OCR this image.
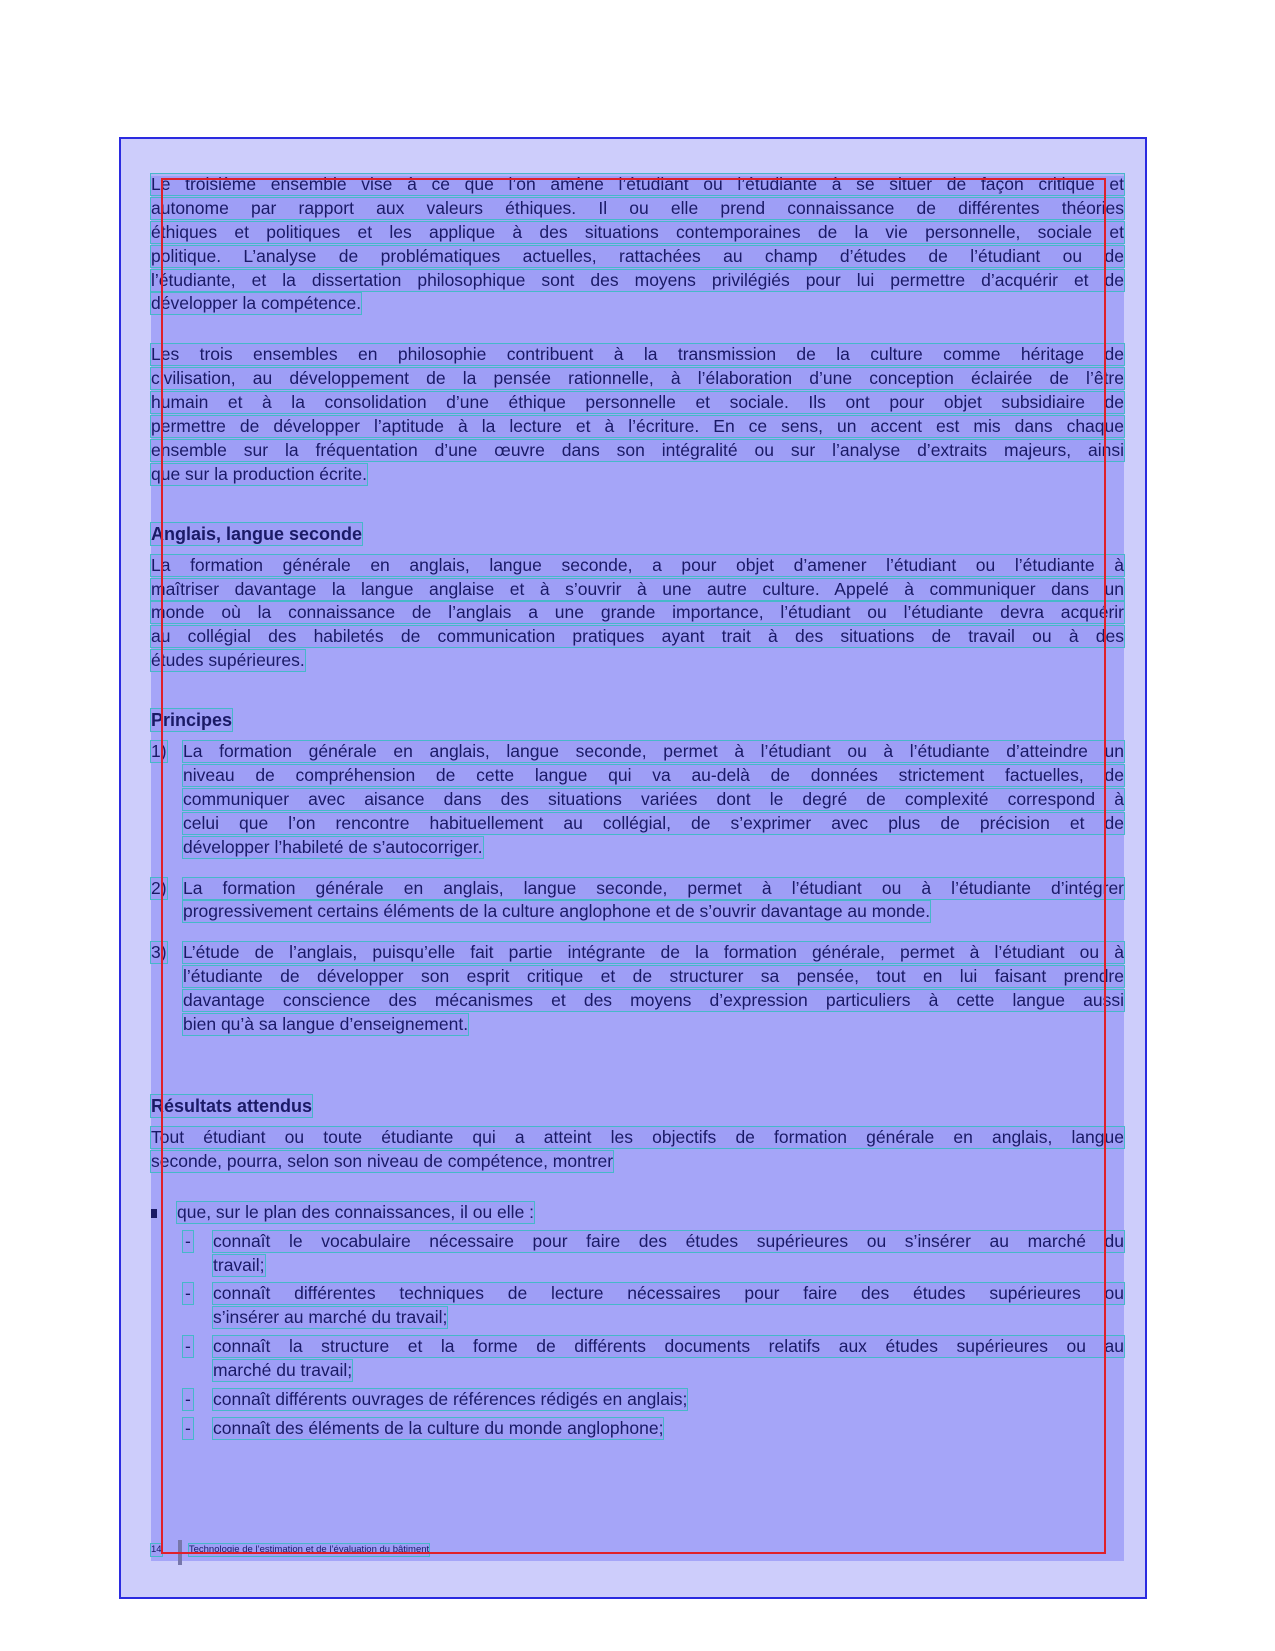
Le troisième ensemble vise à ce que l’on amène l’étudiant ou l’étudiante à se situer de façon critique et
autonome par rapport aux valeurs éthiques. Il ou elle prend connaissance de différentes théories
éthiques et politiques et les applique à des situations contemporaines de la vie personnelle, sociale et
politique. L’analyse de problématiques actuelles, rattachées au champ d’études de l’étudiant ou de
l’étudiante, et la dissertation philosophique sont des moyens privilégiés pour lui permettre d’acquérir et de
développer la compétence.
Les trois ensembles en philosophie contribuent à la transmission de la culture comme héritage de
civilisation, au développement de la pensée rationnelle, à l’élaboration d’une conception éclairée de l’être
humain et à la consolidation d’une éthique personnelle et sociale. Ils ont pour objet subsidiaire de
permettre de développer l’aptitude à la lecture et à l’écriture. En ce sens, un accent est mis dans chaque
ensemble sur la fréquentation d’une œuvre dans son intégralité ou sur l’analyse d’extraits majeurs, ainsi
que sur la production écrite.
Anglais, langue seconde
La formation générale en anglais, langue seconde, a pour objet d’amener l’étudiant ou l’étudiante à
maîtriser davantage la langue anglaise et à s’ouvrir à une autre culture. Appelé à communiquer dans un
monde où la connaissance de l’anglais a une grande importance, l’étudiant ou l’étudiante devra acquérir
au collégial des habiletés de communication pratiques ayant trait à des situations de travail ou à des
études supérieures.
Principes
1) La formation générale en anglais, langue seconde, permet à l’étudiant ou à l’étudiante d’atteindre un
niveau de compréhension de cette langue qui va au-delà de données strictement factuelles, de
communiquer avec aisance dans des situations variées dont le degré de complexité correspond à
celui que l’on rencontre habituellement au collégial, de s’exprimer avec plus de précision et de
développer l’habileté de s’autocorriger.
2) La formation générale en anglais, langue seconde, permet à l’étudiant ou à l’étudiante d’intégrer
progressivement certains éléments de la culture anglophone et de s’ouvrir davantage au monde.
3) L’étude de l’anglais, puisqu’elle fait partie intégrante de la formation générale, permet à l’étudiant ou à
l’étudiante de développer son esprit critique et de structurer sa pensée, tout en lui faisant prendre
davantage conscience des mécanismes et des moyens d’expression particuliers à cette langue aussi
bien qu’à sa langue d’enseignement.
Résultats attendus
Tout étudiant ou toute étudiante qui a atteint les objectifs de formation générale en anglais, langue
seconde, pourra, selon son niveau de compétence, montrer
que, sur le plan des connaissances, il ou elle :
- connaît le vocabulaire nécessaire pour faire des études supérieures ou s’insérer au marché du
travail;
- connaît différentes techniques de lecture nécessaires pour faire des études supérieures ou
s’insérer au marché du travail;
- connaît la structure et la forme de différents documents relatifs aux études supérieures ou au
marché du travail;
- connaît différents ouvrages de références rédigés en anglais;
- connaît des éléments de la culture du monde anglophone;
14	Technologie de l’estimation et de l’évaluation du bâtiment
